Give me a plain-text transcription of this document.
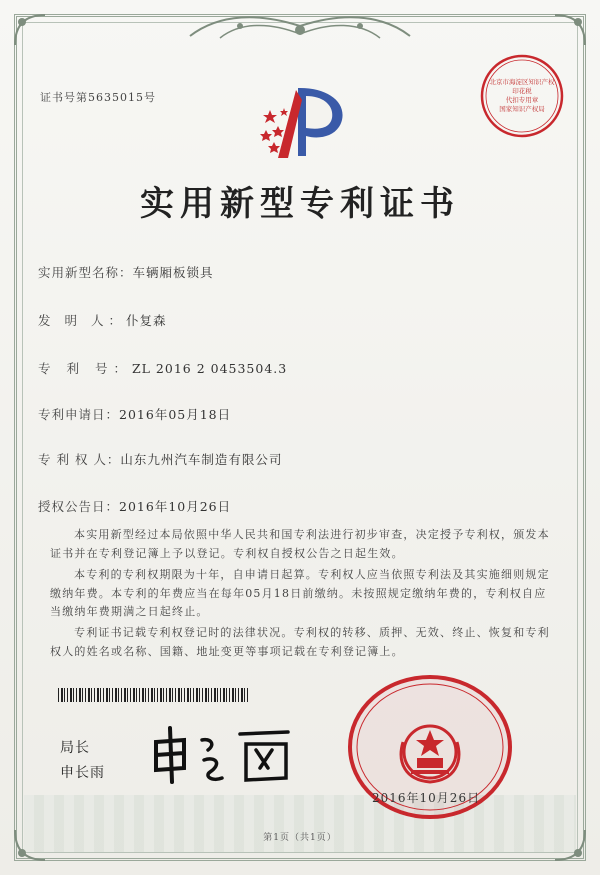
证书号第5635015号
北京市海淀区知识产权
印花税
代扣专用章
国家知识产权局
实用新型专利证书
实用新型名称：车辆厢板锁具
发 明 人：仆复森
专 利 号：ZL 2016 2 0453504.3
专利申请日：2016年05月18日
专 利 权 人：山东九州汽车制造有限公司
授权公告日：2016年10月26日

本实用新型经过本局依照中华人民共和国专利法进行初步审查，决定授予专利权，颁发本证书并在专利登记簿上予以登记。专利权自授权公告之日起生效。

本专利的专利权期限为十年，自申请日起算。专利权人应当依照专利法及其实施细则规定缴纳年费。本专利的年费应当在每年05月18日前缴纳。未按照规定缴纳年费的，专利权自应当缴纳年费期满之日起终止。

专利证书记载专利权登记时的法律状况。专利权的转移、质押、无效、终止、恢复和专利权人的姓名或名称、国籍、地址变更等事项记载在专利登记簿上。

局长
申长雨
2016年10月26日
第1页（共1页）
